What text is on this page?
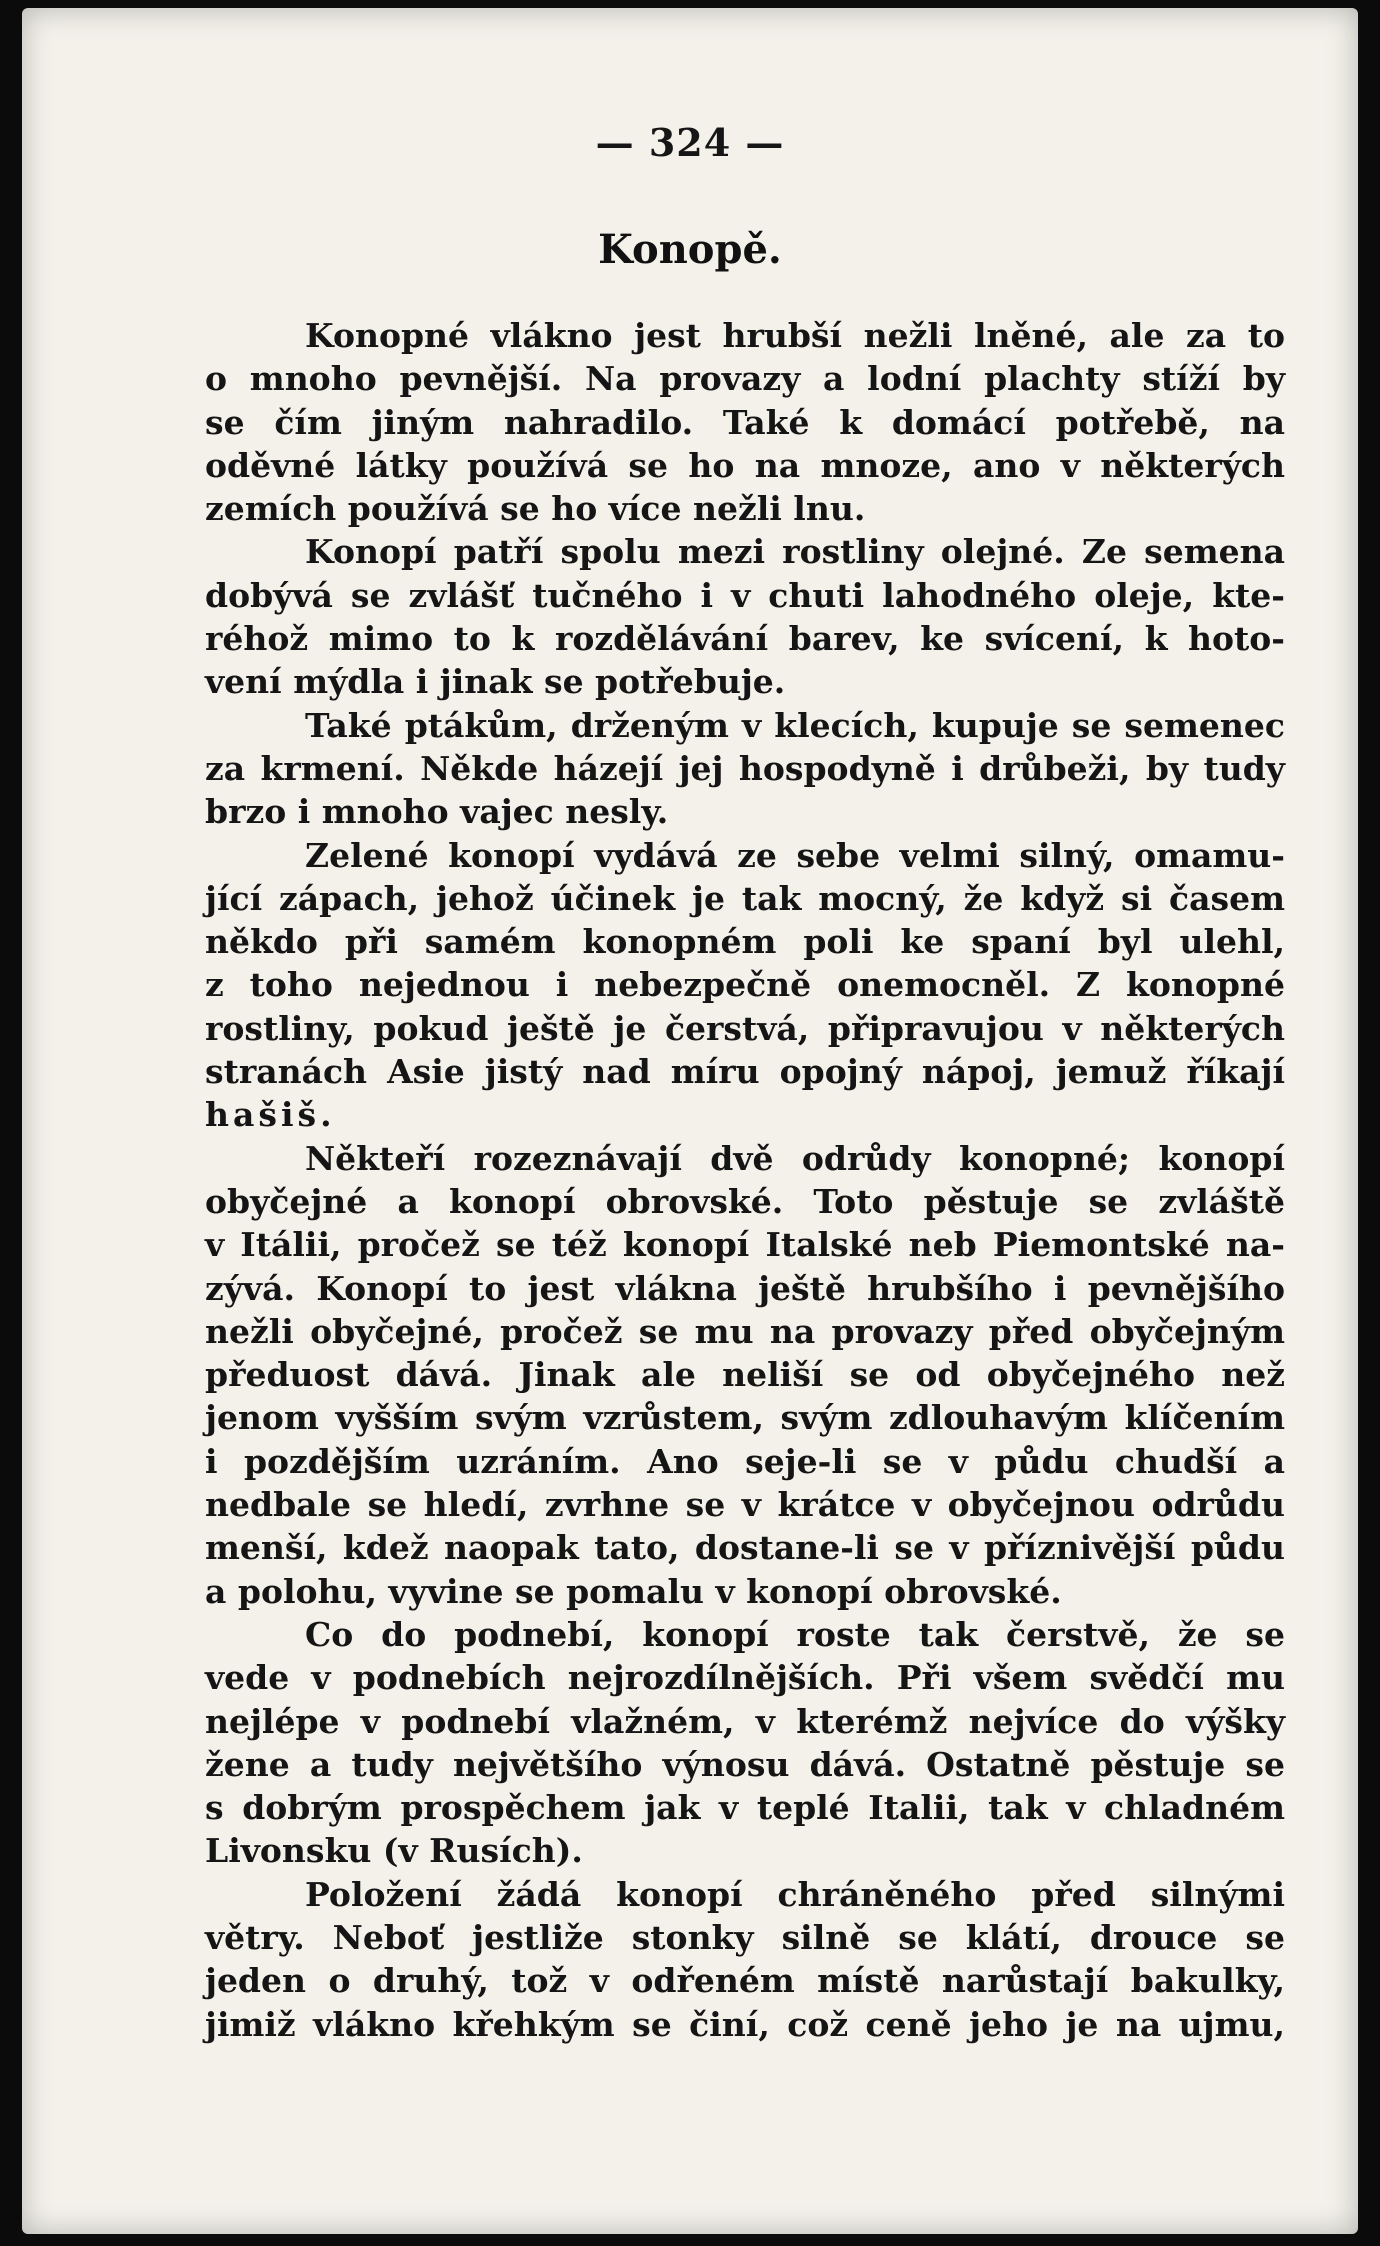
— 324 —
Konopě.
Konopné vlákno jest hrubší nežli lněné, ale za to
o mnoho pevnější. Na provazy a lodní plachty stíží by
se čím jiným nahradilo. Také k domácí potřebě, na
oděvné látky používá se ho na mnoze, ano v některých
zemích používá se ho více nežli lnu.
Konopí patří spolu mezi rostliny olejné. Ze semena
dobývá se zvlášť tučného i v chuti lahodného oleje, kte-
réhož mimo to k rozdělávání barev, ke svícení, k hoto-
vení mýdla i jinak se potřebuje.
Také ptákům, drženým v klecích, kupuje se semenec
za krmení. Někde házejí jej hospodyně i drůbeži, by tudy
brzo i mnoho vajec nesly.
Zelené konopí vydává ze sebe velmi silný, omamu-
jící zápach, jehož účinek je tak mocný, že když si časem
někdo při samém konopném poli ke spaní byl ulehl,
z toho nejednou i nebezpečně onemocněl. Z konopné
rostliny, pokud ještě je čerstvá, připravujou v některých
stranách Asie jistý nad míru opojný nápoj, jemuž říkají
hašiš.
Někteří rozeznávají dvě odrůdy konopné; konopí
obyčejné a konopí obrovské. Toto pěstuje se zvláště
v Itálii, pročež se též konopí Italské neb Piemontské na-
zývá. Konopí to jest vlákna ještě hrubšího i pevnějšího
nežli obyčejné, pročež se mu na provazy před obyčejným
předuost dává. Jinak ale neliší se od obyčejného než
jenom vyšším svým vzrůstem, svým zdlouhavým klíčením
i pozdějším uzráním. Ano seje-li se v půdu chudší a
nedbale se hledí, zvrhne se v krátce v obyčejnou odrůdu
menší, kdež naopak tato, dostane-li se v příznivější půdu
a polohu, vyvine se pomalu v konopí obrovské.
Co do podnebí, konopí roste tak čerstvě, že se
vede v podnebích nejrozdílnějších. Při všem svědčí mu
nejlépe v podnebí vlažném, v kterémž nejvíce do výšky
žene a tudy největšího výnosu dává. Ostatně pěstuje se
s dobrým prospěchem jak v teplé Italii, tak v chladném
Livonsku (v Rusích).
Položení žádá konopí chráněného před silnými
větry. Neboť jestliže stonky silně se klátí, drouce se
jeden o druhý, tož v odřeném místě narůstají bakulky,
jimiž vlákno křehkým se činí, což ceně jeho je na ujmu,
